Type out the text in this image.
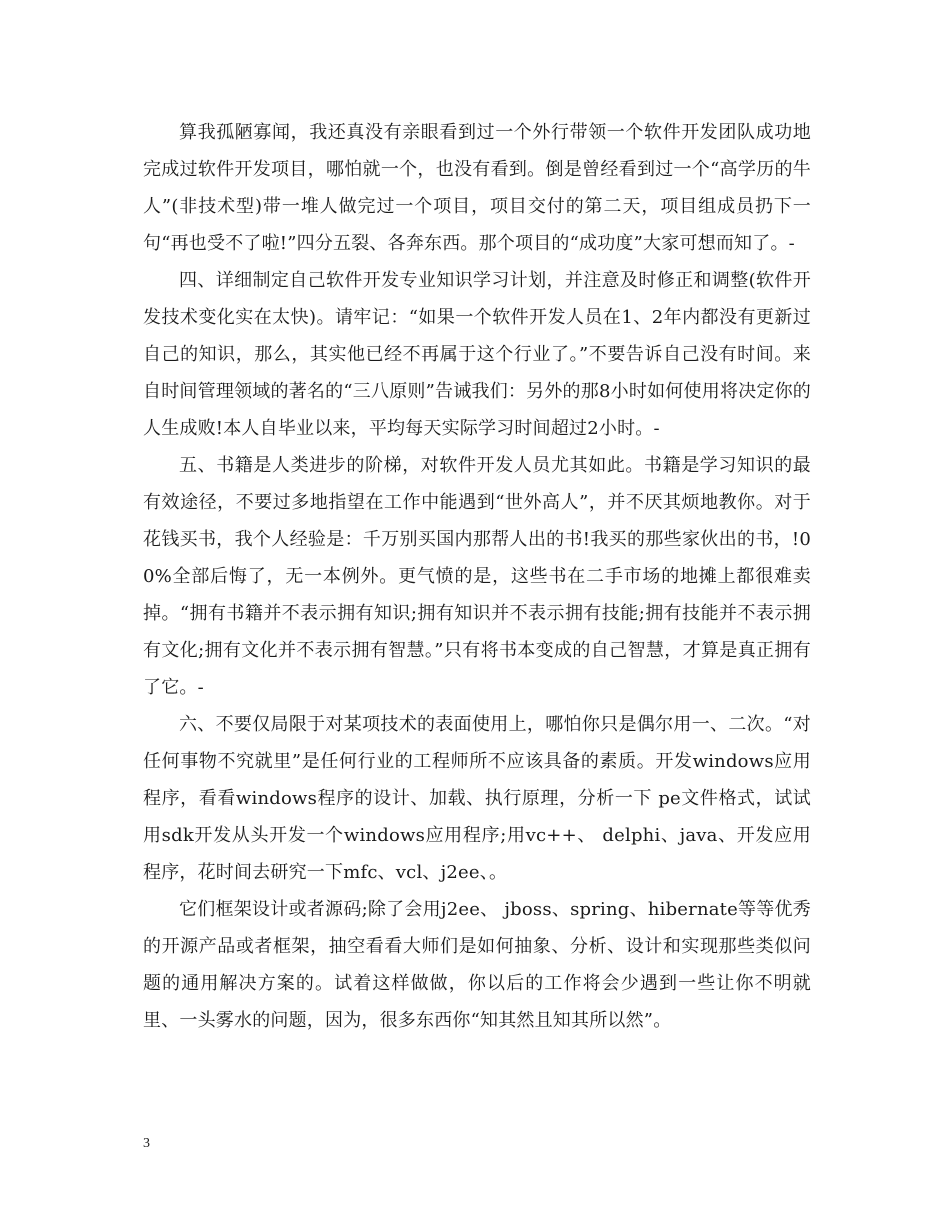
算我孤陋寡闻，我还真没有亲眼看到过一个外行带领一个软件开发团队成功地完成过软件开发项目，哪怕就一个，也没有看到。倒是曾经看到过一个“高学历的牛人”(非技术型)带一堆人做完过一个项目，项目交付的第二天，项目组成员扔下一句“再也受不了啦!”四分五裂、各奔东西。那个项目的“成功度”大家可想而知了。-

四、详细制定自己软件开发专业知识学习计划，并注意及时修正和调整(软件开发技术变化实在太快)。请牢记：“如果一个软件开发人员在1、2年内都没有更新过自己的知识，那么，其实他已经不再属于这个行业了。”不要告诉自己没有时间。来自时间管理领域的著名的“三八原则”告诫我们：另外的那8小时如何使用将决定你的人生成败!本人自毕业以来，平均每天实际学习时间超过2小时。-

五、书籍是人类进步的阶梯，对软件开发人员尤其如此。书籍是学习知识的最有效途径，不要过多地指望在工作中能遇到“世外高人”，并不厌其烦地教你。对于花钱买书，我个人经验是：千万别买国内那帮人出的书!我买的那些家伙出的书，!00%全部后悔了，无一本例外。更气愤的是，这些书在二手市场的地摊上都很难卖掉。“拥有书籍并不表示拥有知识;拥有知识并不表示拥有技能;拥有技能并不表示拥有文化;拥有文化并不表示拥有智慧。”只有将书本变成的自己智慧，才算是真正拥有了它。-

六、不要仅局限于对某项技术的表面使用上，哪怕你只是偶尔用一、二次。“对任何事物不究就里”是任何行业的工程师所不应该具备的素质。开发windows应用程序，看看windows程序的设计、加载、执行原理，分析一下 pe文件格式，试试用sdk开发从头开发一个windows应用程序;用vc++、 delphi、java、开发应用程序，花时间去研究一下mfc、vcl、j2ee、。

它们框架设计或者源码;除了会用j2ee、 jboss、spring、hibernate等等优秀的开源产品或者框架，抽空看看大师们是如何抽象、分析、设计和实现那些类似问题的通用解决方案的。试着这样做做，你以后的工作将会少遇到一些让你不明就里、一头雾水的问题，因为，很多东西你“知其然且知其所以然”。

3
